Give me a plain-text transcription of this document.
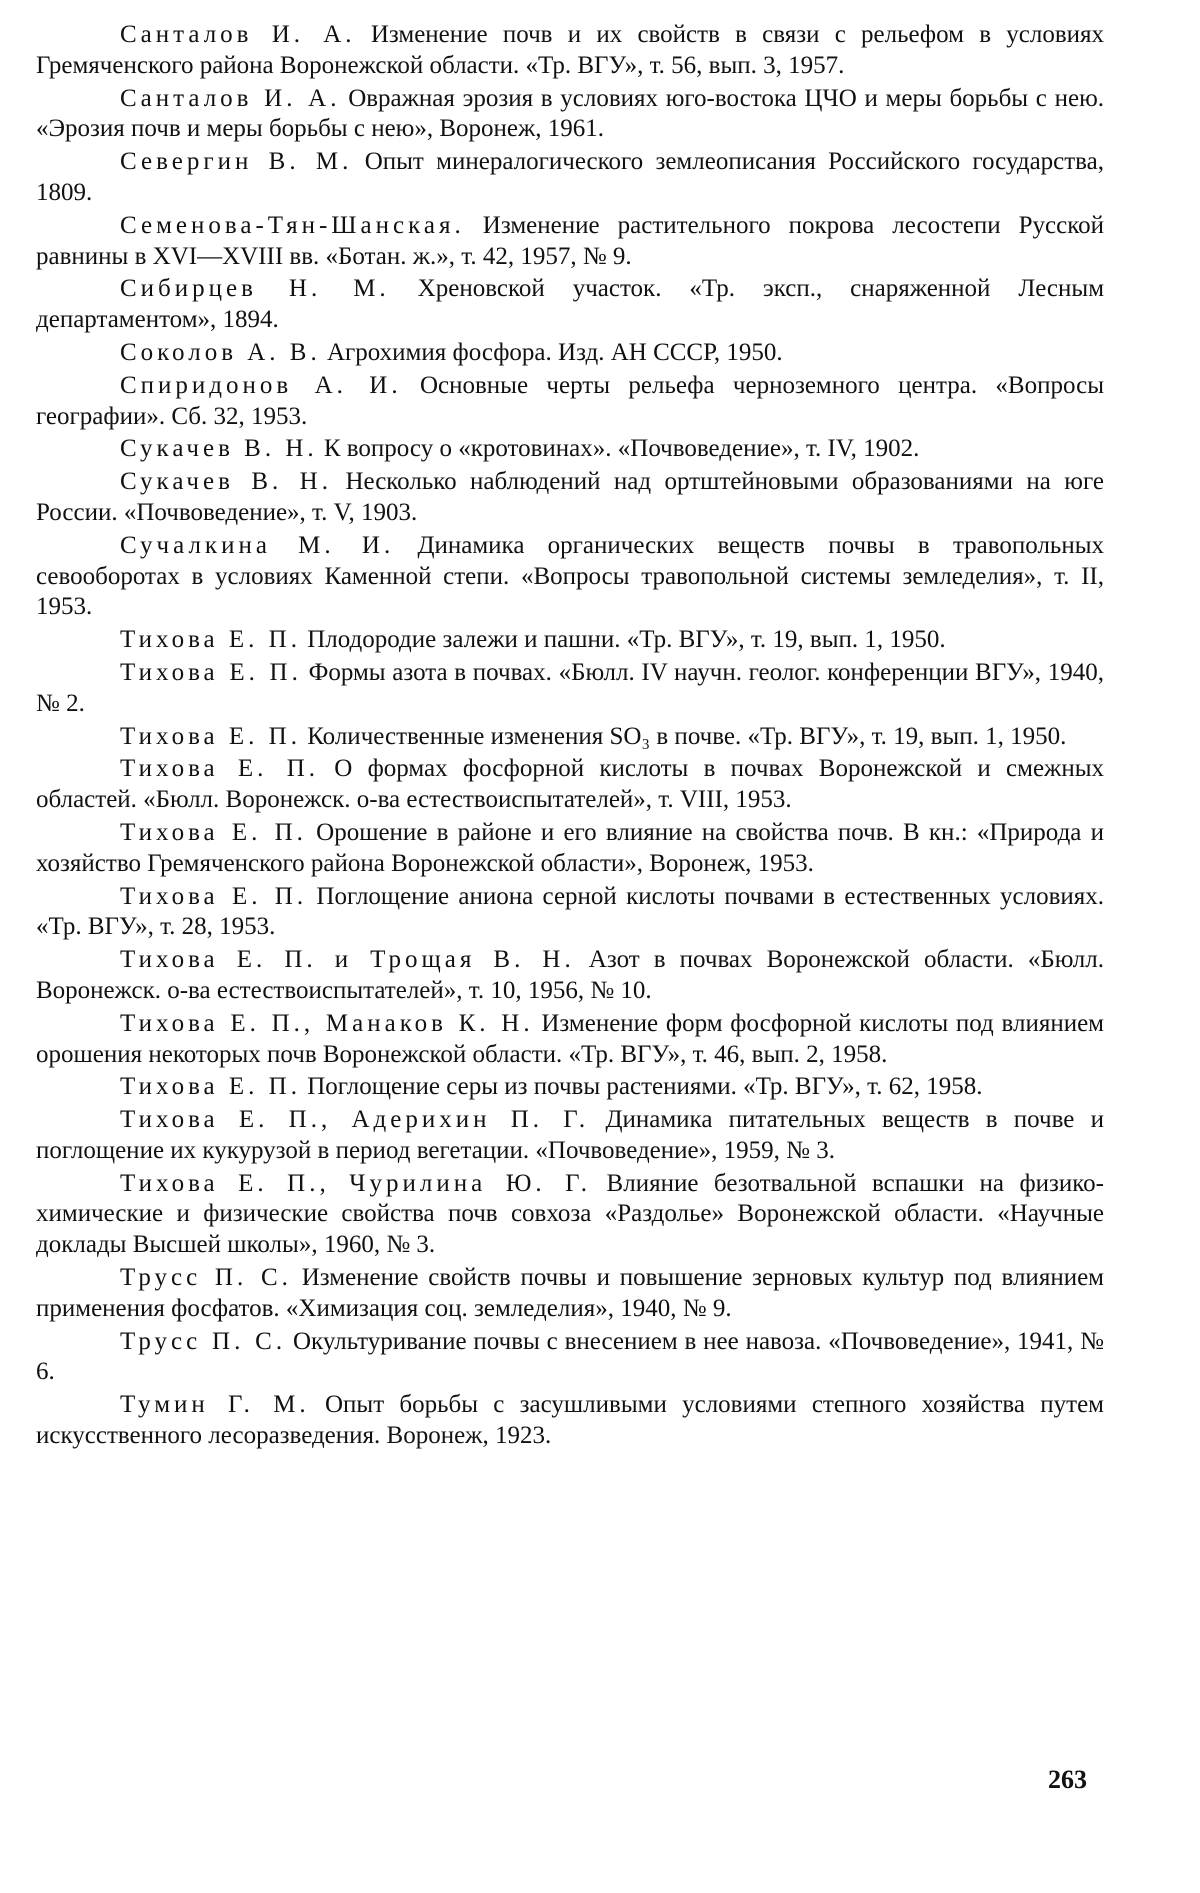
Санталов И. А. Изменение почв и их свойств в связи с рельефом в условиях Гремяченского района Воронежской области. «Тр. ВГУ», т. 56, вып. 3, 1957.

Санталов И. А. Овражная эрозия в условиях юго-востока ЦЧО и меры борьбы с нею. «Эрозия почв и меры борьбы с нею», Воронеж, 1961.

Севергин В. М. Опыт минералогического землеописания Российского государства, 1809.

Семенова-Тян-Шанская. Изменение растительного покрова лесостепи Русской равнины в XVI—XVIII вв. «Ботан. ж.», т. 42, 1957, № 9.

Сибирцев Н. М. Хреновской участок. «Тр. эксп., снаряженной Лесным департаментом», 1894.

Соколов А. В. Агрохимия фосфора. Изд. АН СССР, 1950.

Спиридонов А. И. Основные черты рельефа черноземного центра. «Вопросы географии». Сб. 32, 1953.

Сукачев В. Н. К вопросу о «кротовинах». «Почвоведение», т. IV, 1902.

Сукачев В. Н. Несколько наблюдений над ортштейновыми образованиями на юге России. «Почвоведение», т. V, 1903.

Сучалкина М. И. Динамика органических веществ почвы в травопольных севооборотах в условиях Каменной степи. «Вопросы травопольной системы земледелия», т. II, 1953.

Тихова Е. П. Плодородие залежи и пашни. «Тр. ВГУ», т. 19, вып. 1, 1950.

Тихова Е. П. Формы азота в почвах. «Бюлл. IV научн. геолог. конференции ВГУ», 1940, № 2.

Тихова Е. П. Количественные изменения SO₃ в почве. «Тр. ВГУ», т. 19, вып. 1, 1950.

Тихова Е. П. О формах фосфорной кислоты в почвах Воронежской и смежных областей. «Бюлл. Воронежск. о-ва естествоиспытателей», т. VIII, 1953.

Тихова Е. П. Орошение в районе и его влияние на свойства почв. В кн.: «Природа и хозяйство Гремяченского района Воронежской области», Воронеж, 1953.

Тихова Е. П. Поглощение аниона серной кислоты почвами в естественных условиях. «Тр. ВГУ», т. 28, 1953.

Тихова Е. П. и Трощая В. Н. Азот в почвах Воронежской области. «Бюлл. Воронежск. о-ва естествоиспытателей», т. 10, 1956, № 10.

Тихова Е. П., Манаков К. Н. Изменение форм фосфорной кислоты под влиянием орошения некоторых почв Воронежской области. «Тр. ВГУ», т. 46, вып. 2, 1958.

Тихова Е. П. Поглощение серы из почвы растениями. «Тр. ВГУ», т. 62, 1958.

Тихова Е. П., Адерихин П. Г. Динамика питательных веществ в почве и поглощение их кукурузой в период вегетации. «Почвоведение», 1959, № 3.

Тихова Е. П., Чурилина Ю. Г. Влияние безотвальной вспашки на физико-химические и физические свойства почв совхоза «Раздолье» Воронежской области. «Научные доклады Высшей школы», 1960, № 3.

Трусс П. С. Изменение свойств почвы и повышение зерновых культур под влиянием применения фосфатов. «Химизация соц. земледелия», 1940, № 9.

Трусс П. С. Окультуривание почвы с внесением в нее навоза. «Почвоведение», 1941, № 6.

Тумин Г. М. Опыт борьбы с засушливыми условиями степного хозяйства путем искусственного лесоразведения. Воронеж, 1923.

263
